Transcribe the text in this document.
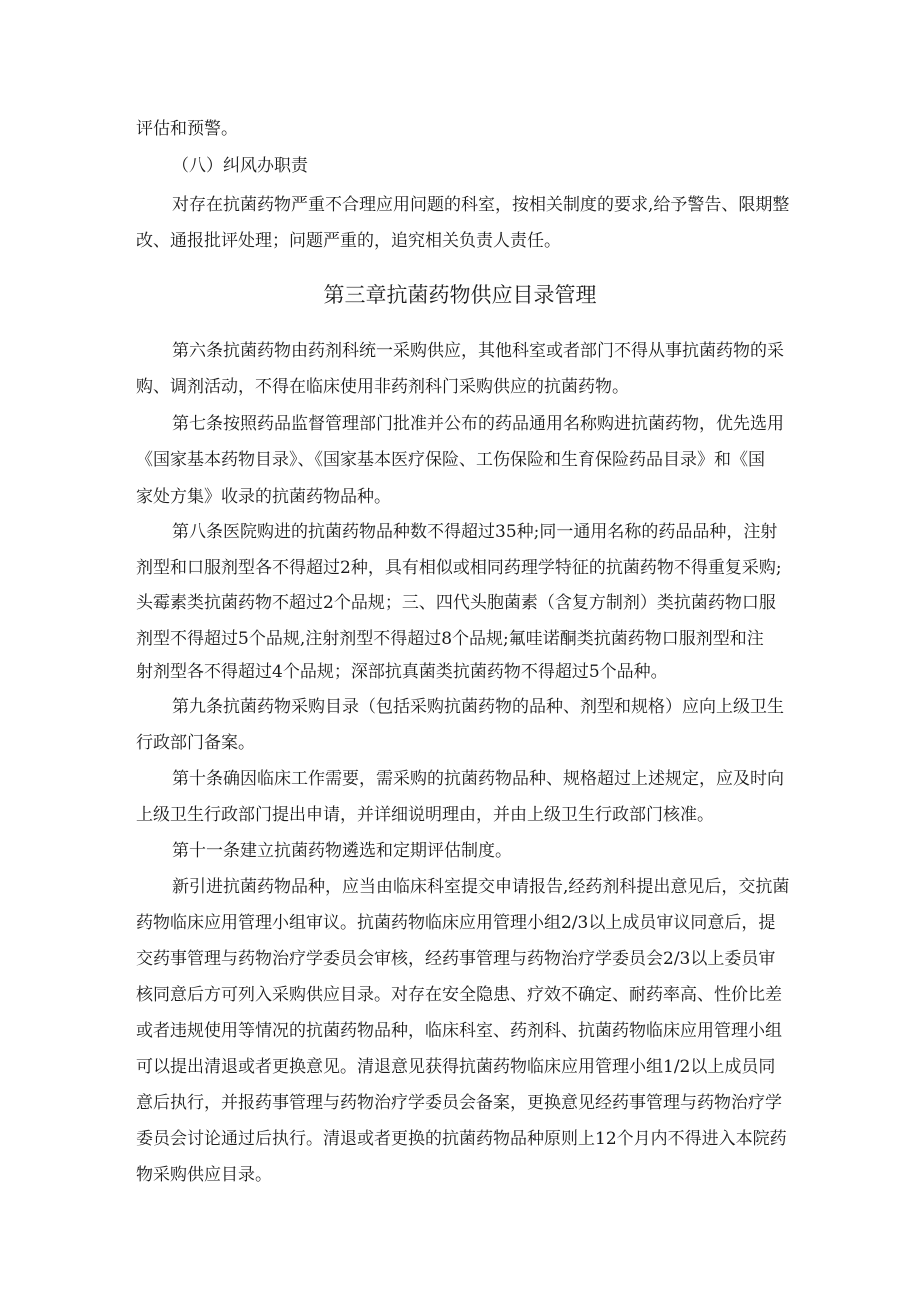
评估和预警。
（八）纠风办职责
对存在抗菌药物严重不合理应用问题的科室，按相关制度的要求,给予警告、限期整
改、通报批评处理；问题严重的，追究相关负责人责任。
第三章抗菌药物供应目录管理
第六条抗菌药物由药剂科统一采购供应，其他科室或者部门不得从事抗菌药物的采
购、调剂活动，不得在临床使用非药剂科门采购供应的抗菌药物。
第七条按照药品监督管理部门批准并公布的药品通用名称购进抗菌药物，优先选用
《国家基本药物目录》、《国家基本医疗保险、工伤保险和生育保险药品目录》和《国
家处方集》收录的抗菌药物品种。
第八条医院购进的抗菌药物品种数不得超过35种;同一通用名称的药品品种，注射
剂型和口服剂型各不得超过2种，具有相似或相同药理学特征的抗菌药物不得重复采购;
头霉素类抗菌药物不超过2个品规；三、四代头胞菌素（含复方制剂）类抗菌药物口服
剂型不得超过5个品规,注射剂型不得超过8个品规;氟哇诺酮类抗菌药物口服剂型和注
射剂型各不得超过4个品规；深部抗真菌类抗菌药物不得超过5个品种。
第九条抗菌药物采购目录（包括采购抗菌药物的品种、剂型和规格）应向上级卫生
行政部门备案。
第十条确因临床工作需要，需采购的抗菌药物品种、规格超过上述规定，应及时向
上级卫生行政部门提出申请，并详细说明理由，并由上级卫生行政部门核准。
第十一条建立抗菌药物遴选和定期评估制度。
新引进抗菌药物品种，应当由临床科室提交申请报告,经药剂科提出意见后，交抗菌
药物临床应用管理小组审议。抗菌药物临床应用管理小组2/3以上成员审议同意后，提
交药事管理与药物治疗学委员会审核，经药事管理与药物治疗学委员会2/3以上委员审
核同意后方可列入采购供应目录。对存在安全隐患、疗效不确定、耐药率高、性价比差
或者违规使用等情况的抗菌药物品种，临床科室、药剂科、抗菌药物临床应用管理小组
可以提出清退或者更换意见。清退意见获得抗菌药物临床应用管理小组1/2以上成员同
意后执行，并报药事管理与药物治疗学委员会备案，更换意见经药事管理与药物治疗学
委员会讨论通过后执行。清退或者更换的抗菌药物品种原则上12个月内不得进入本院药
物采购供应目录。
